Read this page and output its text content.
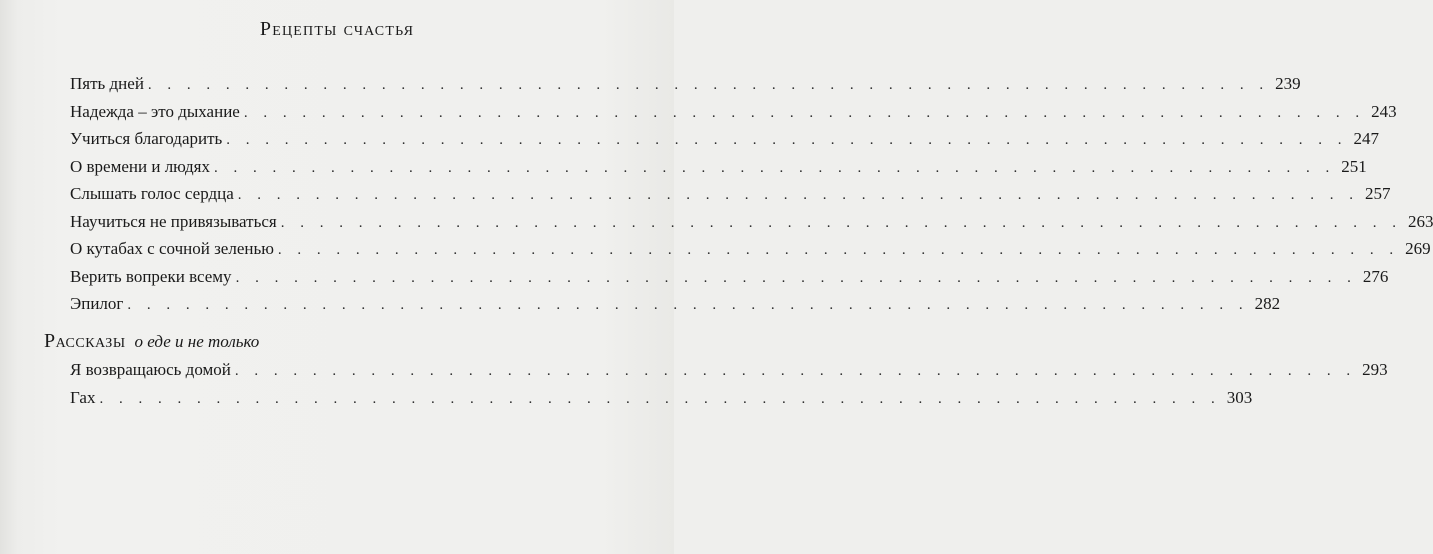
Рецепты счастья
Пять дней . . . . . . . . . . . . . . . . . . . . . . . . . . . . . . . . . . . . . . . . . . . . . . . . . . . . . . . . . . 239
Надежда – это дыхание . . . . . . . . . . . . . . . . . . . . . . . . . . . . . . . . . . . . . . . . . . . . . . . . . . . . . . . . . . 243
Учиться благодарить . . . . . . . . . . . . . . . . . . . . . . . . . . . . . . . . . . . . . . . . . . . . . . . . . . . . . . . . . . 247
О времени и людях . . . . . . . . . . . . . . . . . . . . . . . . . . . . . . . . . . . . . . . . . . . . . . . . . . . . . . . . . . 251
Слышать голос сердца . . . . . . . . . . . . . . . . . . . . . . . . . . . . . . . . . . . . . . . . . . . . . . . . . . . . . . . . . . 257
Научиться не привязываться . . . . . . . . . . . . . . . . . . . . . . . . . . . . . . . . . . . . . . . . . . . . . . . . . . . . . . . . . . 263
О кутабах с сочной зеленью . . . . . . . . . . . . . . . . . . . . . . . . . . . . . . . . . . . . . . . . . . . . . . . . . . . . . . . . . . 269
Верить вопреки всему . . . . . . . . . . . . . . . . . . . . . . . . . . . . . . . . . . . . . . . . . . . . . . . . . . . . . . . . . . 276
Эпилог . . . . . . . . . . . . . . . . . . . . . . . . . . . . . . . . . . . . . . . . . . . . . . . . . . . . . . . . . . 282
Рассказы о еде и не только
Я возвращаюсь домой . . . . . . . . . . . . . . . . . . . . . . . . . . . . . . . . . . . . . . . . . . . . . . . . . . . . . . . . . . 293
Гах . . . . . . . . . . . . . . . . . . . . . . . . . . . . . . . . . . . . . . . . . . . . . . . . . . . . . . . . . . 303
